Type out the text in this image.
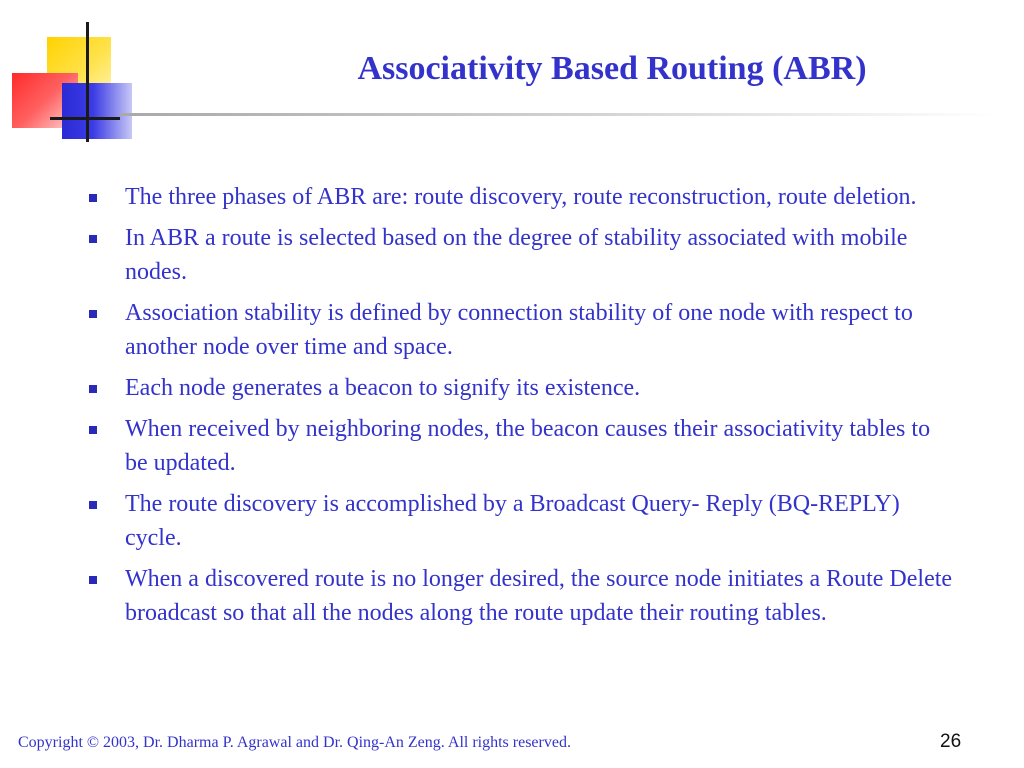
Associativity Based Routing (ABR)
The three phases of ABR are: route discovery, route reconstruction, route deletion.
In ABR a route is selected based on the degree of stability associated with mobile nodes.
Association stability is defined by connection stability of one node with respect to another node over time and space.
Each node generates a beacon to signify its existence.
When received by neighboring nodes, the beacon causes their associativity tables to be updated.
The route discovery is accomplished by a Broadcast Query- Reply (BQ-REPLY) cycle.
When a discovered route is no longer desired, the source node initiates a Route Delete broadcast so that all the nodes along the route update their routing tables.
Copyright © 2003, Dr. Dharma P. Agrawal and Dr. Qing-An Zeng. All rights reserved.	26
